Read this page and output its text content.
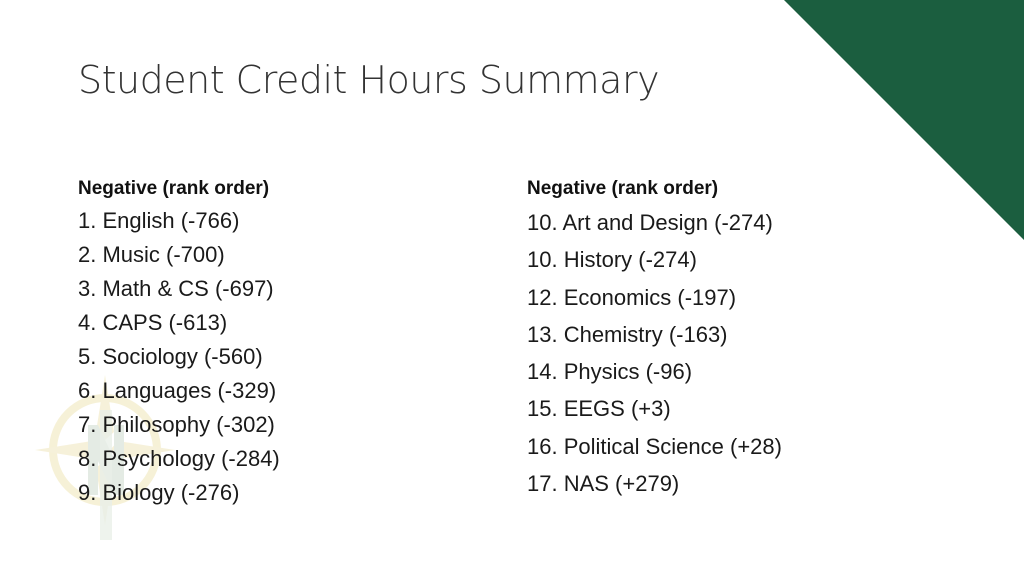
Student Credit Hours Summary
Negative (rank order)
1. English (-766)
2. Music (-700)
3. Math & CS (-697)
4. CAPS (-613)
5. Sociology (-560)
6. Languages (-329)
7. Philosophy (-302)
8. Psychology (-284)
9. Biology (-276)
Negative (rank order)
10. Art and Design (-274)
10. History (-274)
12. Economics (-197)
13. Chemistry (-163)
14. Physics (-96)
15. EEGS (+3)
16. Political Science (+28)
17. NAS (+279)
